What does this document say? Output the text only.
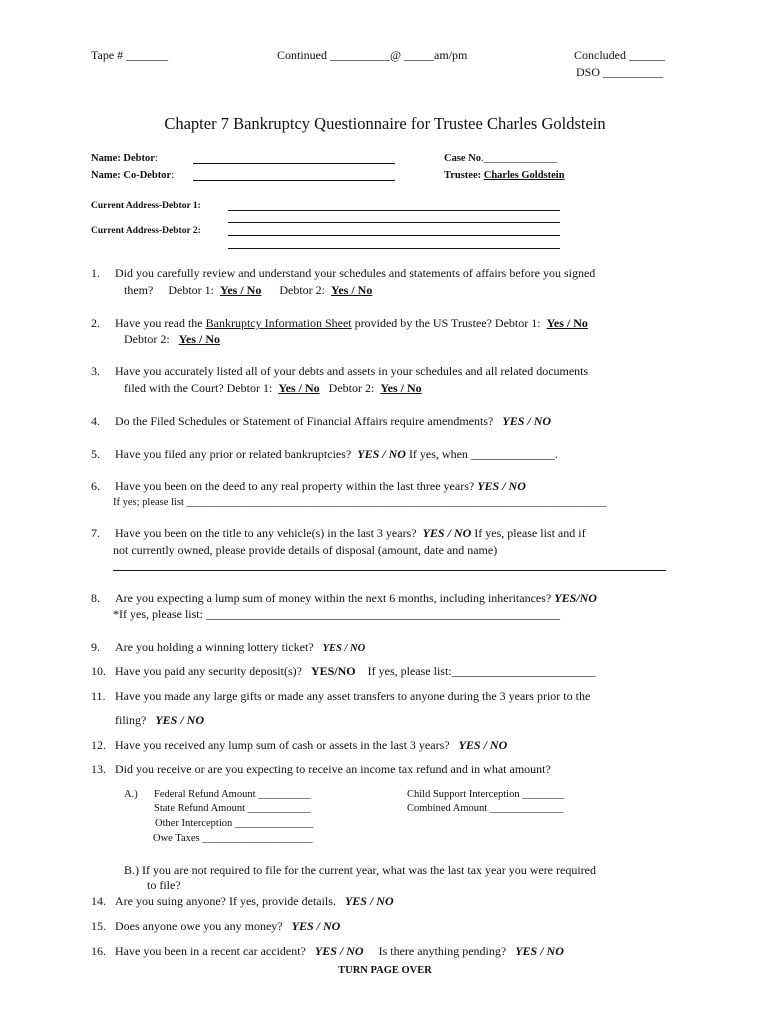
Tape # _______	Continued __________@ _____am/pm	Concluded ______
DSO __________
Chapter 7 Bankruptcy Questionnaire for Trustee Charles Goldstein
Name: Debtor:
Name: Co-Debtor:
Case No.______________
Trustee: Charles Goldstein
Current Address-Debtor 1:
Current Address-Debtor 2:
1. Did you carefully review and understand your schedules and statements of affairs before you signed
them? Debtor 1: Yes / No Debtor 2: Yes / No
2. Have you read the Bankruptcy Information Sheet provided by the US Trustee? Debtor 1: Yes / No
Debtor 2: Yes / No
3. Have you accurately listed all of your debts and assets in your schedules and all related documents
filed with the Court? Debtor 1: Yes / No Debtor 2: Yes / No
4. Do the Filed Schedules or Statement of Financial Affairs require amendments? YES / NO
5. Have you filed any prior or related bankruptcies? YES / NO If yes, when ______________.
6. Have you been on the deed to any real property within the last three years? YES / NO
If yes; please list ________________________________________________________________________________
7. Have you been on the title to any vehicle(s) in the last 3 years? YES / NO If yes, please list and if
not currently owned, please provide details of disposal (amount, date and name)
8. Are you expecting a lump sum of money within the next 6 months, including inheritances? YES/NO
*If yes, please list: ___________________________________________________________
9. Are you holding a winning lottery ticket? YES / NO
10. Have you paid any security deposit(s)? YES/NO If yes, please list:________________________
11. Have you made any large gifts or made any asset transfers to anyone during the 3 years prior to the
filing? YES / NO
12. Have you received any lump sum of cash or assets in the last 3 years? YES / NO
13. Did you receive or are you expecting to receive an income tax refund and in what amount?
A.) Federal Refund Amount __________
State Refund Amount ____________
Other Interception _______________
Owe Taxes _____________________
Child Support Interception ________
Combined Amount ______________
B.) If you are not required to file for the current year, what was the last tax year you were required
to file?
14. Are you suing anyone? If yes, provide details. YES / NO
15. Does anyone owe you any money? YES / NO
16. Have you been in a recent car accident? YES / NO Is there anything pending? YES / NO
TURN PAGE OVER
